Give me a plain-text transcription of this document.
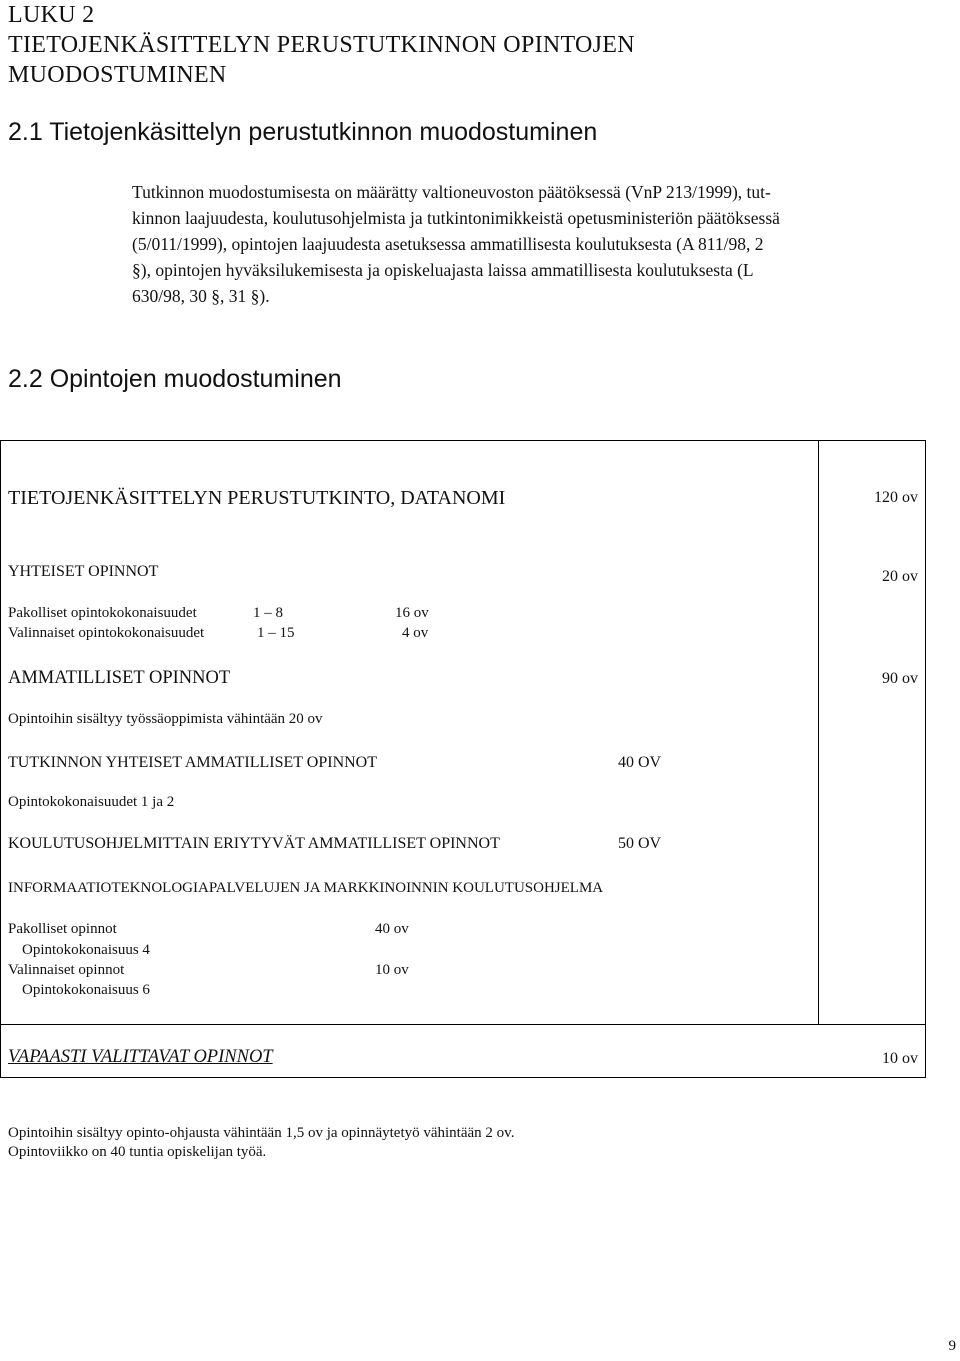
LUKU 2
TIETOJENKÄSITTELYN PERUSTUTKINNON OPINTOJEN
MUODOSTUMINEN
2.1 Tietojenkäsittelyn perustutkinnon muodostuminen
Tutkinnon muodostumisesta on määrätty valtioneuvoston päätöksessä (VnP 213/1999), tut-
kinnon laajuudesta, koulutusohjelmista ja tutkintonimikkeistä opetusministeriön päätöksessä
(5/011/1999), opintojen laajuudesta asetuksessa ammatillisesta koulutuksesta (A 811/98, 2
§), opintojen hyväksilukemisesta ja opiskeluajasta laissa ammatillisesta koulutuksesta (L
630/98, 30 §, 31 §).
2.2 Opintojen muodostuminen
TIETOJENKÄSITTELYN PERUSTUTKINTO, DATANOMI	120 ov
YHTEISET OPINNOT	20 ov
Pakolliset opintokokonaisuudet	1 – 8	16 ov
Valinnaiset opintokokonaisuudet	1 – 15	4 ov
AMMATILLISET OPINNOT	90 ov
Opintoihin sisältyy työssäoppimista vähintään 20 ov
TUTKINNON YHTEISET AMMATILLISET OPINNOT	40 OV
Opintokokonaisuudet 1 ja 2
KOULUTUSOHJELMITTAIN ERIYTYVÄT AMMATILLISET OPINNOT	50 OV
INFORMAATIOTEKNOLOGIAPALVELUJEN JA MARKKINOINNIN KOULUTUSOHJELMA
Pakolliset opinnot	40 ov
Opintokokonaisuus 4
Valinnaiset opinnot	10 ov
Opintokokonaisuus 6
VAPAASTI VALITTAVAT OPINNOT	10 ov
Opintoihin sisältyy opinto-ohjausta vähintään 1,5 ov ja opinnäytetyö vähintään 2 ov.
Opintoviikko on 40 tuntia opiskelijan työä.
9
